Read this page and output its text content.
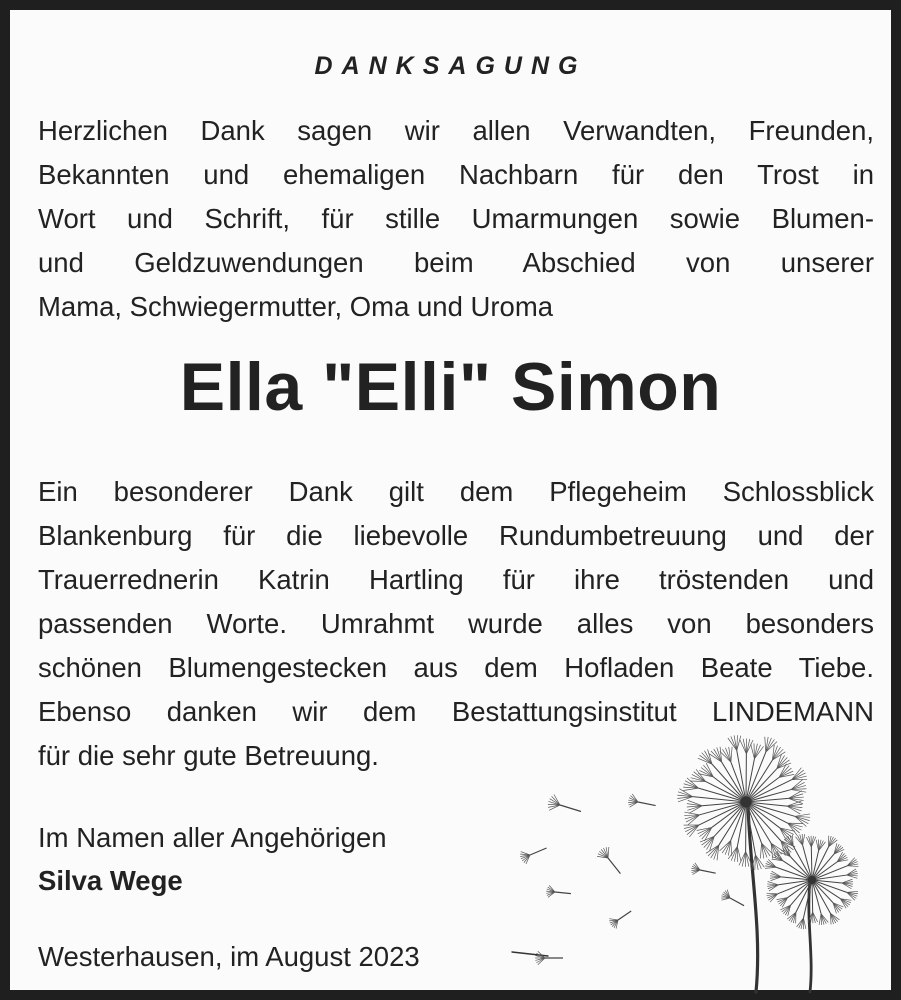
DANKSAGUNG
Herzlichen Dank sagen wir allen Verwandten, Freunden,
Bekannten und ehemaligen Nachbarn für den Trost in
Wort und Schrift, für stille Umarmungen sowie Blumen-
und Geldzuwendungen beim Abschied von unserer
Mama, Schwiegermutter, Oma und Uroma
Ella "Elli" Simon
Ein besonderer Dank gilt dem Pflegeheim Schlossblick
Blankenburg für die liebevolle Rundumbetreuung und der
Trauerrednerin Katrin Hartling für ihre tröstenden und
passenden Worte. Umrahmt wurde alles von besonders
schönen Blumengestecken aus dem Hofladen Beate Tiebe.
Ebenso danken wir dem Bestattungsinstitut LINDEMANN
für die sehr gute Betreuung.
Im Namen aller Angehörigen
Silva Wege
Westerhausen, im August 2023
